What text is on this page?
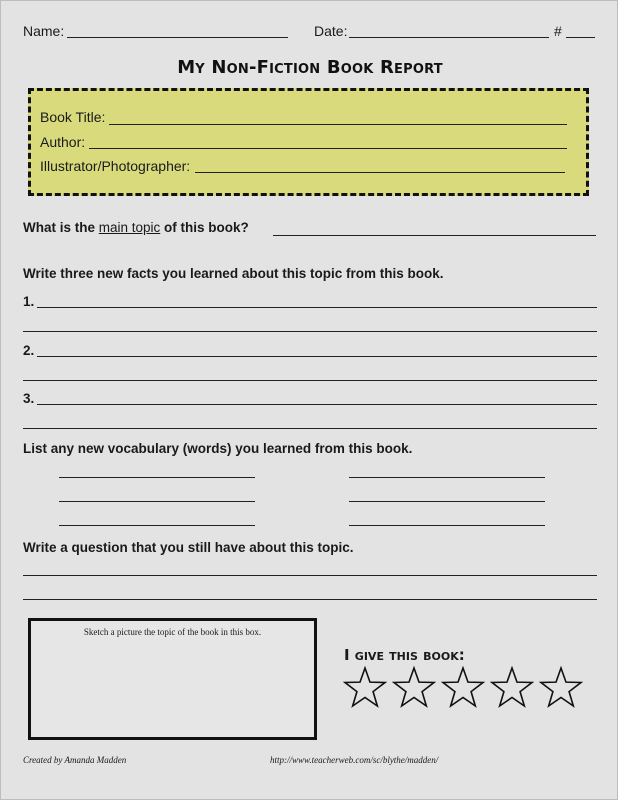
Name:	Date:	#
My Non-Fiction Book Report
Book Title:
Author:
Illustrator/Photographer:
What is the main topic of this book?
Write three new facts you learned about this topic from this book.
1.
2.
3.
List any new vocabulary (words) you learned from this book.
Write a question that you still have about this topic.
Sketch a picture the topic of the book in this box.
I give this book:
Created by Amanda Madden	http://www.teacherweb.com/sc/blythe/madden/
